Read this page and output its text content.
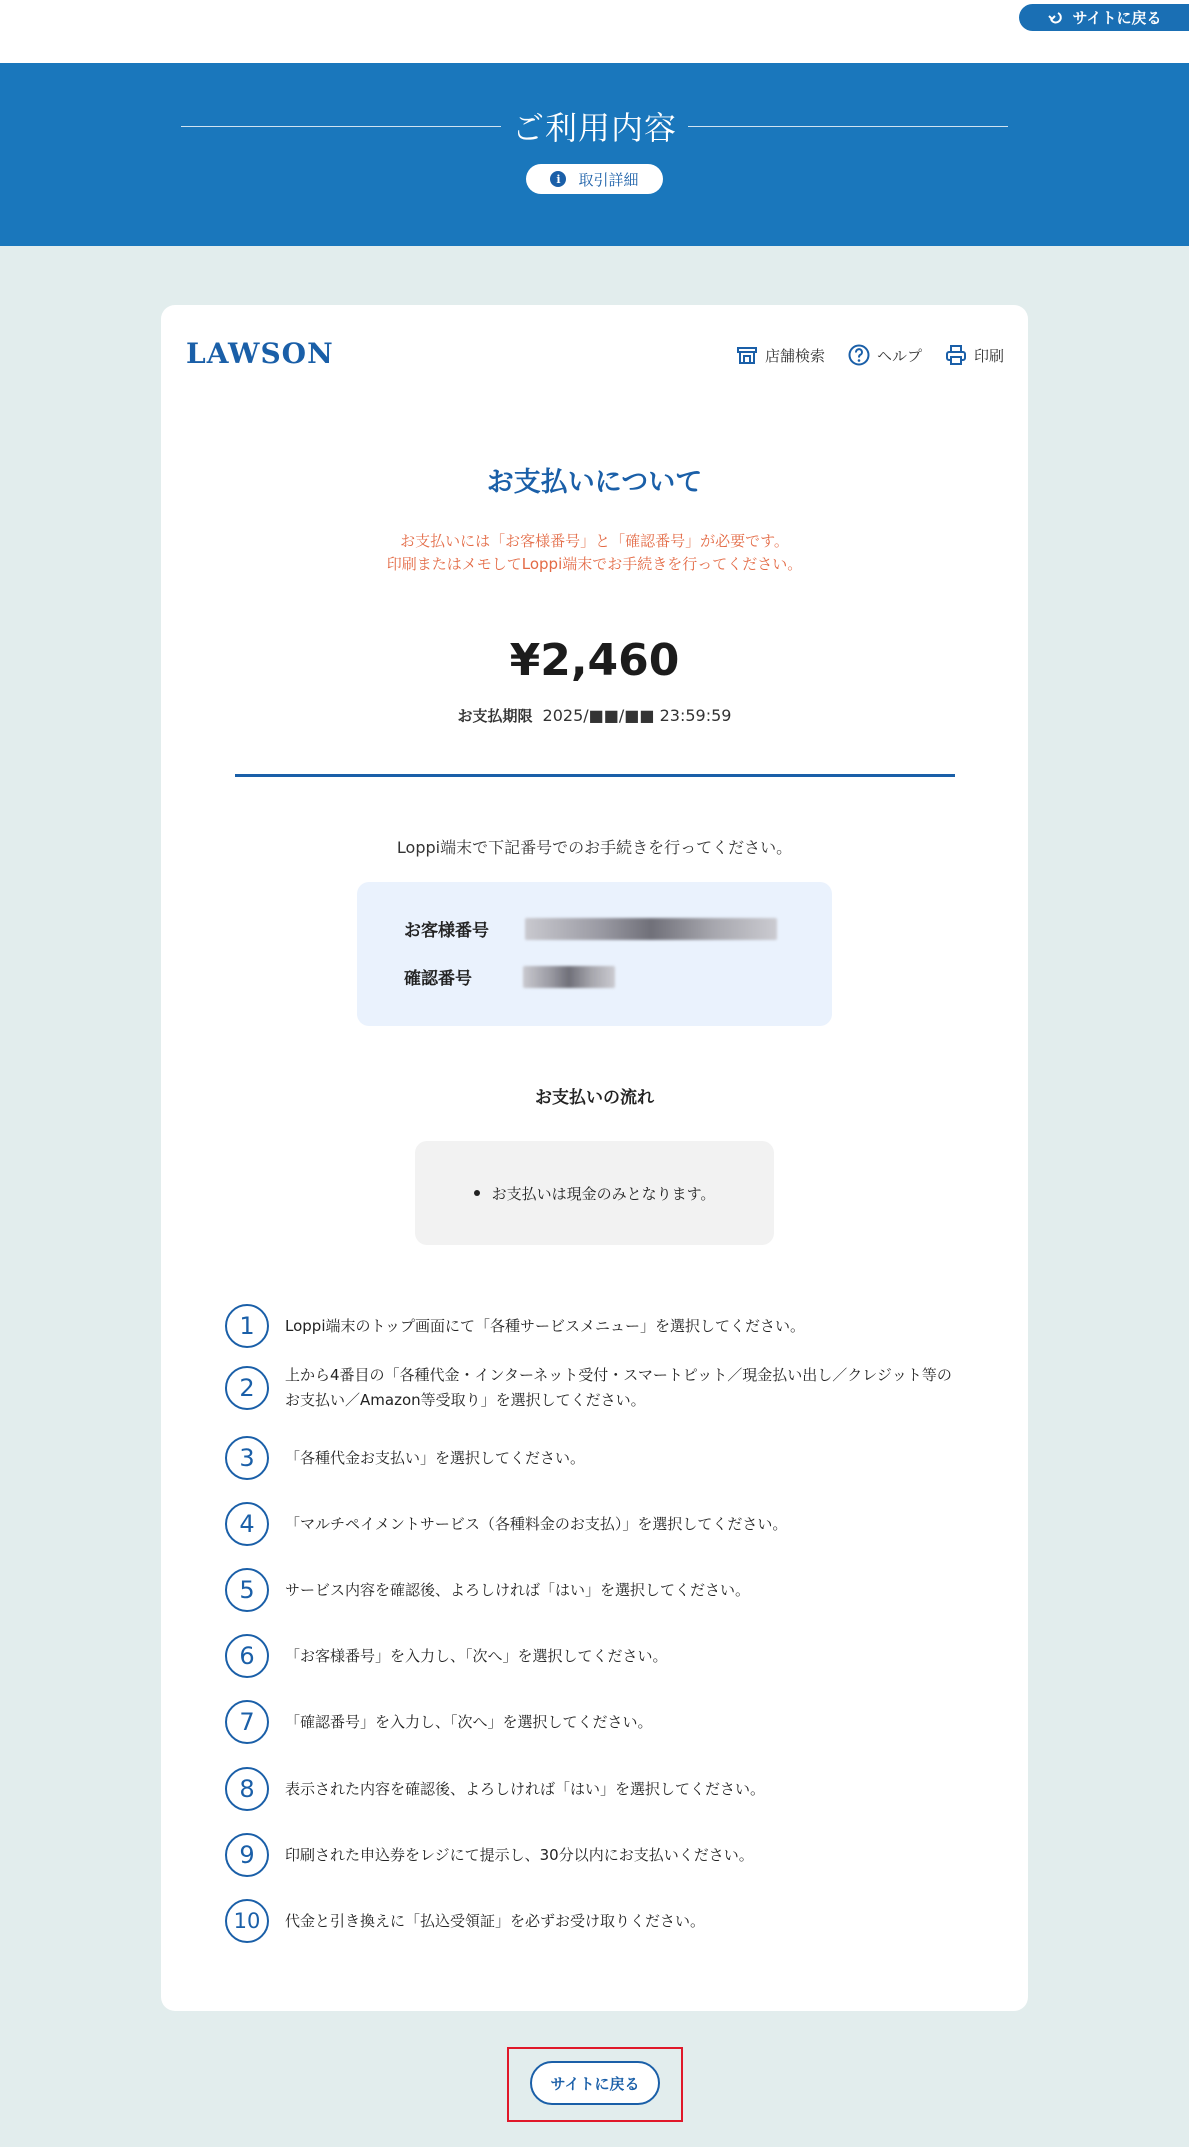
サイトに戻る
ご利用内容
i	取引詳細
LAWSON	店舗検索	ヘルプ	印刷
お支払いについて
お支払いには「お客様番号」と「確認番号」が必要です。
印刷またはメモしてLoppi端末でお手続きを行ってください。
¥2,460
お支払期限 2025/■■/■■ 23:59:59
Loppi端末で下記番号でのお手続きを行ってください。
お客様番号
確認番号
お支払いの流れ
お支払いは現金のみとなります。
1	Loppi端末のトップ画面にて「各種サービスメニュー」を選択してください。
2	上から4番目の「各種代金・インターネット受付・スマートピット／現金払い出し／クレジット等のお支払い／Amazon等受取り」を選択してください。
3	「各種代金お支払い」を選択してください。
4	「マルチペイメントサービス（各種料金のお支払）」を選択してください。
5	サービス内容を確認後、よろしければ「はい」を選択してください。
6	「お客様番号」を入力し、「次へ」を選択してください。
7	「確認番号」を入力し、「次へ」を選択してください。
8	表示された内容を確認後、よろしければ「はい」を選択してください。
9	印刷された申込券をレジにて提示し、30分以内にお支払いください。
10	代金と引き換えに「払込受領証」を必ずお受け取りください。
サイトに戻る
